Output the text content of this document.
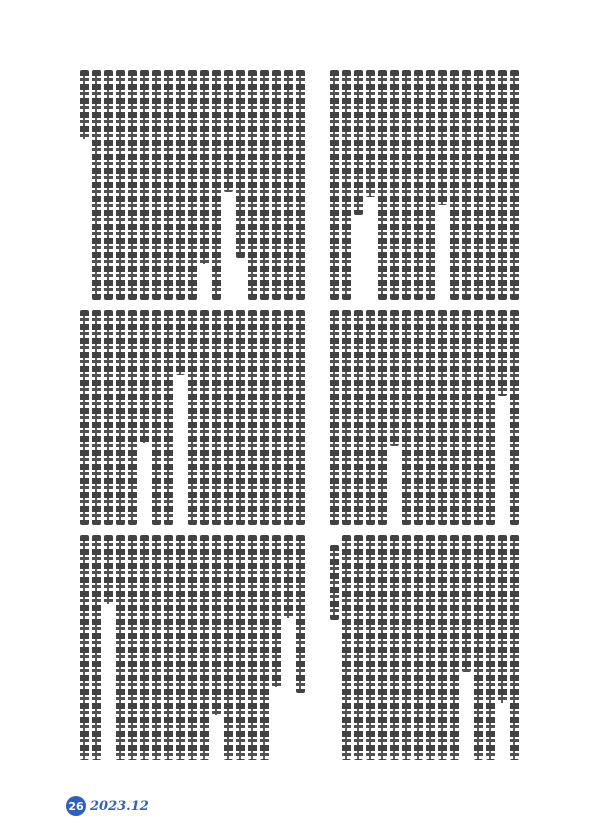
26 2023.12
